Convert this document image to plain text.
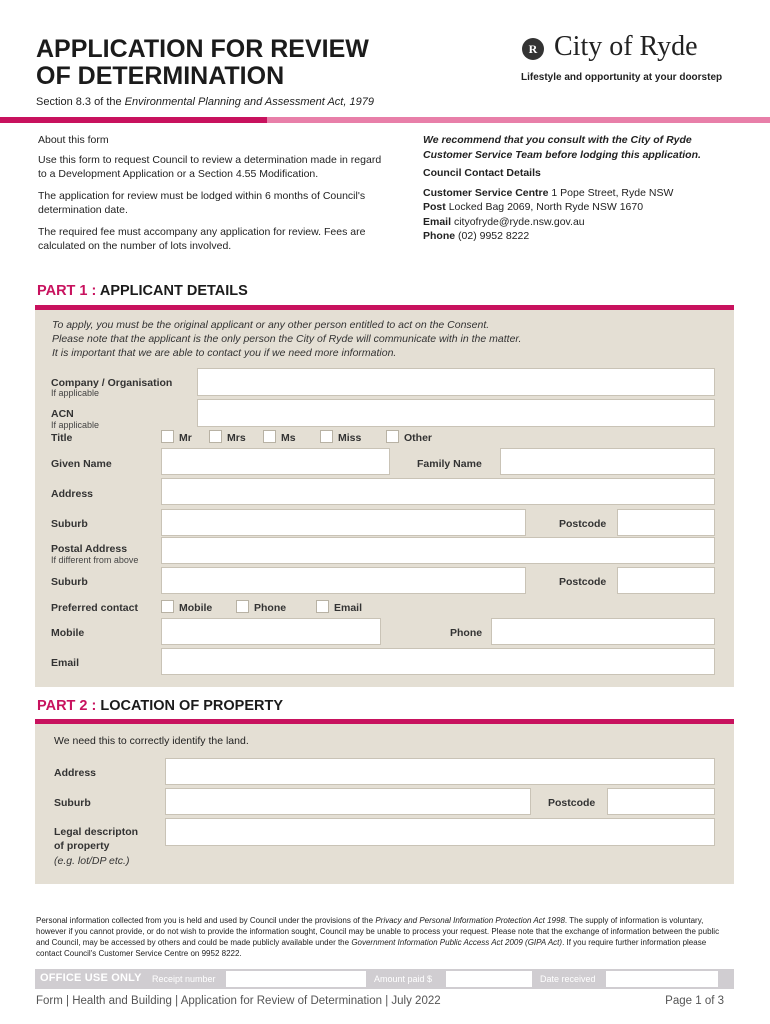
APPLICATION FOR REVIEW
OF DETERMINATION
Section 8.3 of the Environmental Planning and Assessment Act, 1979
R City of Ryde
Lifestyle and opportunity at your doorstep
About this form
Use this form to request Council to review a determination made in regard to a Development Application or a Section 4.55 Modification.
The application for review must be lodged within 6 months of Council's determination date.
The required fee must accompany any application for review. Fees are calculated on the number of lots involved.
We recommend that you consult with the City of Ryde Customer Service Team before lodging this application.
Council Contact Details
Customer Service Centre 1 Pope Street, Ryde NSW
Post Locked Bag 2069, North Ryde NSW 1670
Email cityofryde@ryde.nsw.gov.au
Phone (02) 9952 8222
PART 1 : APPLICANT DETAILS
To apply, you must be the original applicant or any other person entitled to act on the Consent.
Please note that the applicant is the only person the City of Ryde will communicate with in the matter.
It is important that we are able to contact you if we need more information.
Company / Organisation
If applicable
ACN
If applicable
Title	Mr	Mrs	Ms	Miss	Other
Given Name	Family Name
Address
Suburb	Postcode
Postal Address
If different from above
Suburb	Postcode
Preferred contact	Mobile	Phone	Email
Mobile	Phone
Email
PART 2 : LOCATION OF PROPERTY
We need this to correctly identify the land.
Address
Suburb	Postcode
Legal descripton
of property
(e.g. lot/DP etc.)
Personal information collected from you is held and used by Council under the provisions of the Privacy and Personal Information Protection Act 1998. The supply of information is voluntary, however if you cannot provide, or do not wish to provide the information sought, Council may be unable to process your request. Please note that the exchange of information between the public and Council, may be accessed by others and could be made publicly available under the Government Information Public Access Act 2009 (GIPA Act). If you require further information please contact Council's Customer Service Centre on 9952 8222.
OFFICE USE ONLY Receipt number	Amount paid $	Date received
Form | Health and Building | Application for Review of Determination | July 2022	Page 1 of 3
